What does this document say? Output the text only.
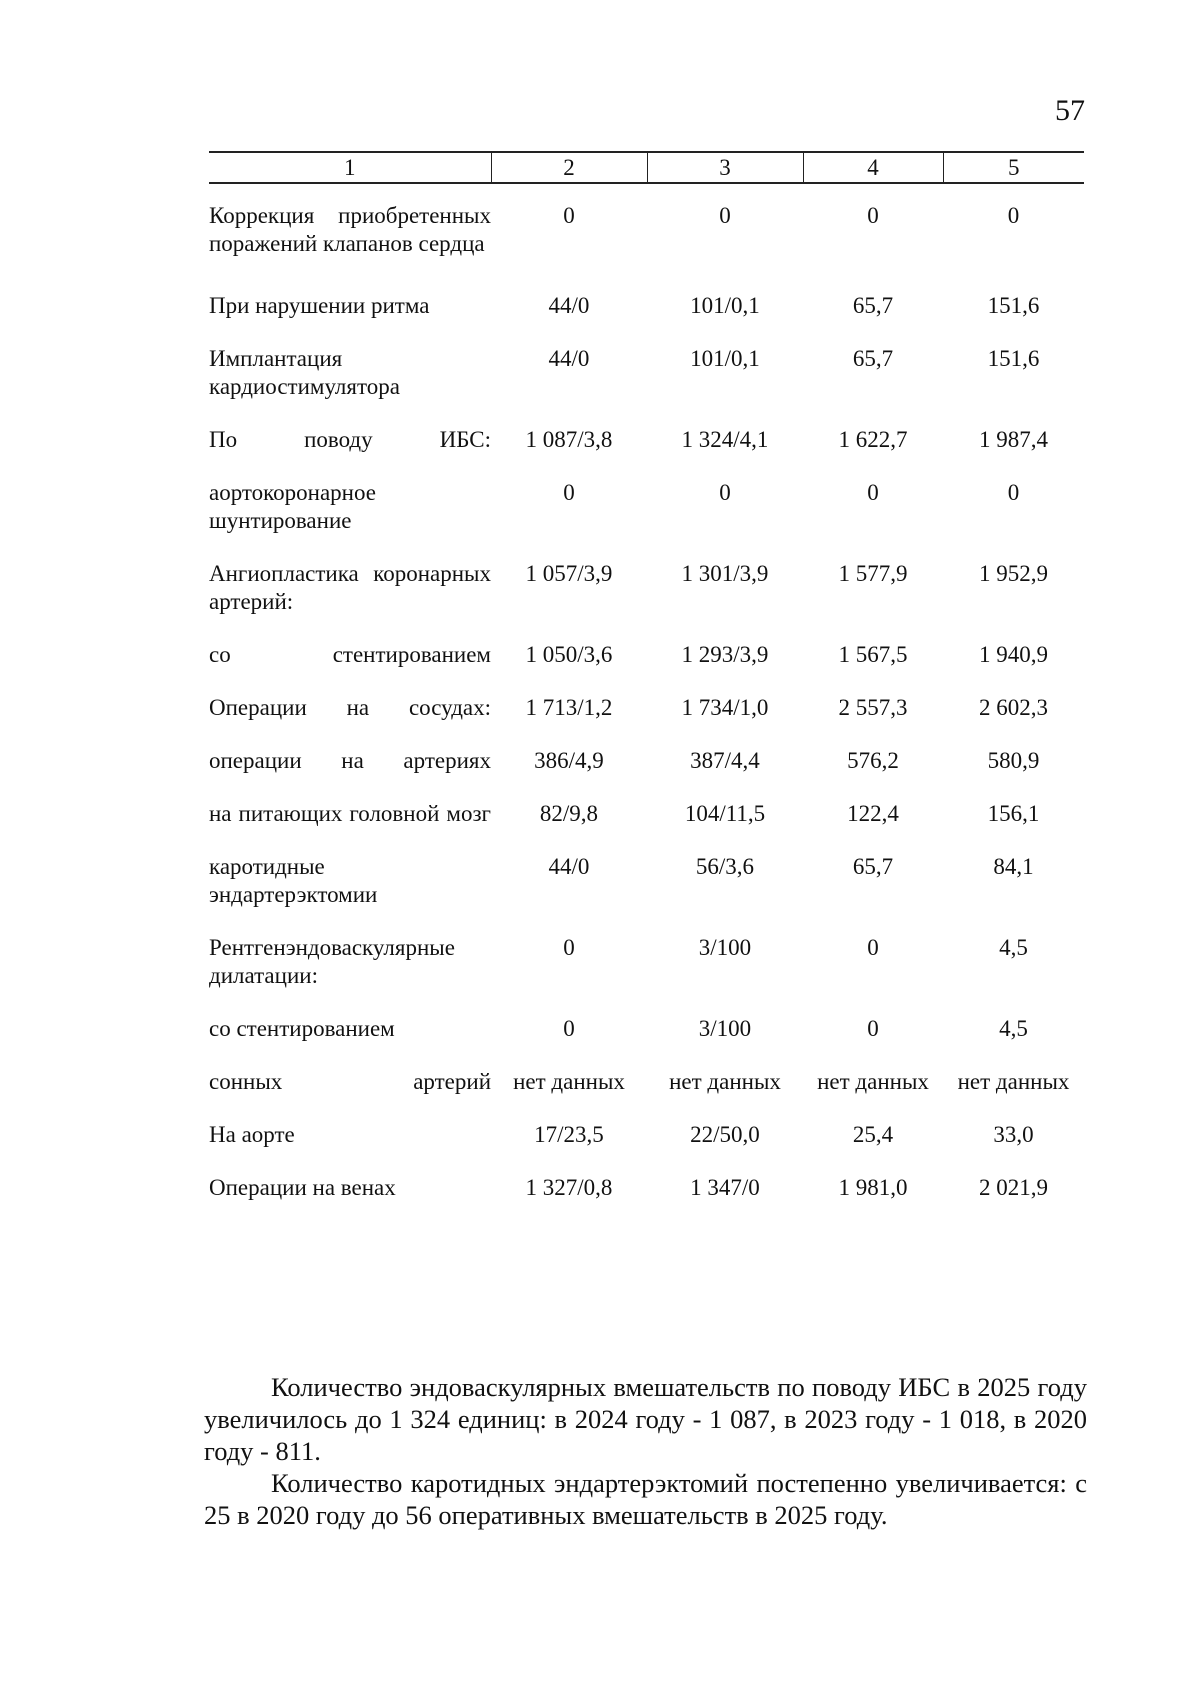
57
1	2	3	4	5

Коррекция приобретенных поражений клапанов сердца	0	0	0	0

При нарушении ритма	44/0	101/0,1	65,7	151,6

Имплантация кардиостимулятора	44/0	101/0,1	65,7	151,6

По поводу ИБС:	1 087/3,8	1 324/4,1	1 622,7	1 987,4

аортокоронарное шунтирование	0	0	0	0

Ангиопластика коронарных артерий:	1 057/3,9	1 301/3,9	1 577,9	1 952,9

со стентированием	1 050/3,6	1 293/3,9	1 567,5	1 940,9

Операции на сосудах:	1 713/1,2	1 734/1,0	2 557,3	2 602,3

операции на артериях	386/4,9	387/4,4	576,2	580,9

на питающих головной мозг	82/9,8	104/11,5	122,4	156,1

каротидные эндартерэктомии	44/0	56/3,6	65,7	84,1

Рентгенэндоваскулярные дилатации:	0	3/100	0	4,5

со стентированием	0	3/100	0	4,5

сонных артерий	нет данных	нет данных	нет данных	нет данных

На аорте	17/23,5	22/50,0	25,4	33,0

Операции на венах	1 327/0,8	1 347/0	1 981,0	2 021,9

Количество эндоваскулярных вмешательств по поводу ИБС в 2025 году увеличилось до 1 324 единиц: в 2024 году - 1 087, в 2023 году - 1 018, в 2020 году - 811.

Количество каротидных эндартерэктомий постепенно увеличивается: с 25 в 2020 году до 56 оперативных вмешательств в 2025 году.
